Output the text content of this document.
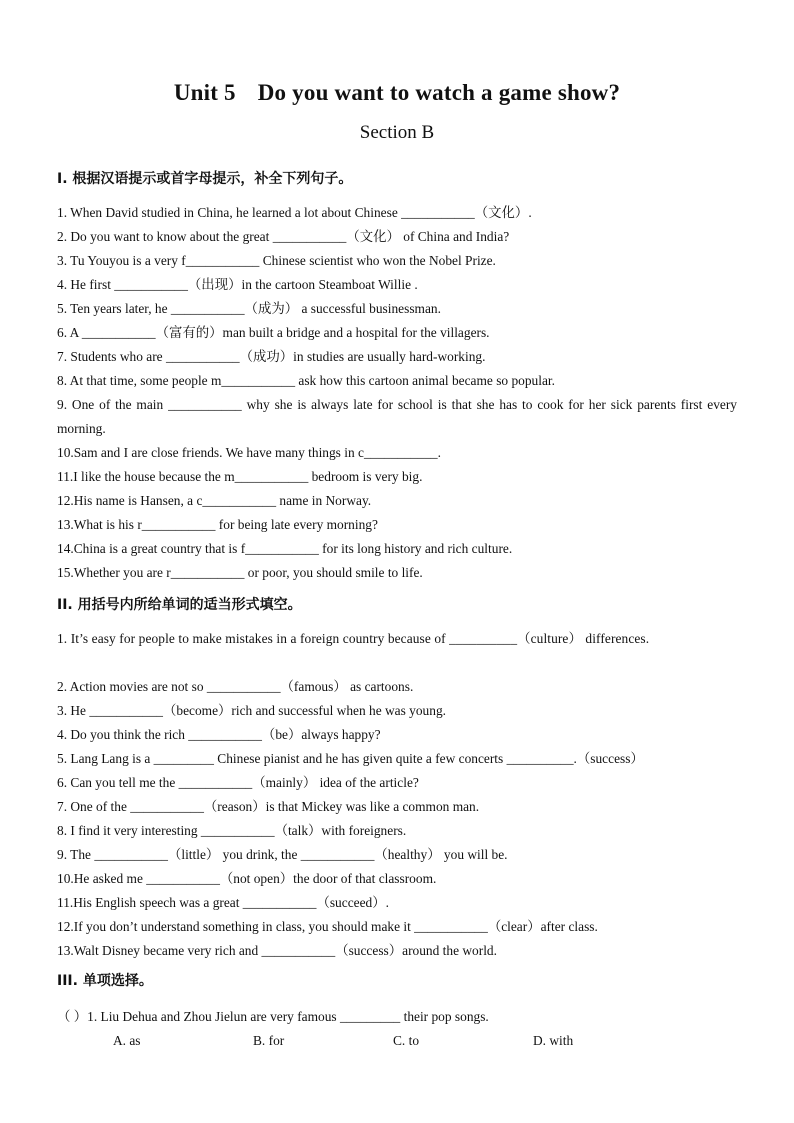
Unit 5 Do you want to watch a game show?
Section B
I. 根据汉语提示或首字母提示，补全下列句子。
1. When David studied in China, he learned a lot about Chinese ___________（文化）.
2. Do you want to know about the great ___________（文化） of China and India?
3. Tu Youyou is a very f___________ Chinese scientist who won the Nobel Prize.
4. He first ___________（出现）in the cartoon Steamboat Willie .
5. Ten years later, he ___________（成为） a successful businessman.
6. A ___________（富有的）man built a bridge and a hospital for the villagers.
7. Students who are ___________（成功）in studies are usually hard-working.
8. At that time, some people m___________ ask how this cartoon animal became so popular.
9. One of the main ___________ why she is always late for school is that she has to cook for her sick parents first every morning.
10.Sam and I are close friends. We have many things in c___________.
11.I like the house because the m___________ bedroom is very big.
12.His name is Hansen, a c___________ name in Norway.
13.What is his r___________ for being late every morning?
14.China is a great country that is f___________ for its long history and rich culture.
15.Whether you are r___________ or poor, you should smile to life.
II. 用括号内所给单词的适当形式填空。
1. It’s easy for people to make mistakes in a foreign country because of __________（culture） differences.
2. Action movies are not so ___________（famous） as cartoons.
3. He ___________（become）rich and successful when he was young.
4. Do you think the rich ___________（be）always happy?
5. Lang Lang is a _________ Chinese pianist and he has given quite a few concerts __________.（success）
6. Can you tell me the ___________（mainly） idea of the article?
7. One of the ___________（reason）is that Mickey was like a common man.
8. I find it very interesting ___________（talk）with foreigners.
9. The ___________（little） you drink, the ___________（healthy） you will be.
10.He asked me ___________（not open）the door of that classroom.
11.His English speech was a great ___________（succeed）.
12.If you don’t understand something in class, you should make it ___________（clear）after class.
13.Walt Disney became very rich and ___________（success）around the world.
III. 单项选择。
（ ）1. Liu Dehua and Zhou Jielun are very famous _________ their pop songs.
A. as	B. for	C. to	D. with
